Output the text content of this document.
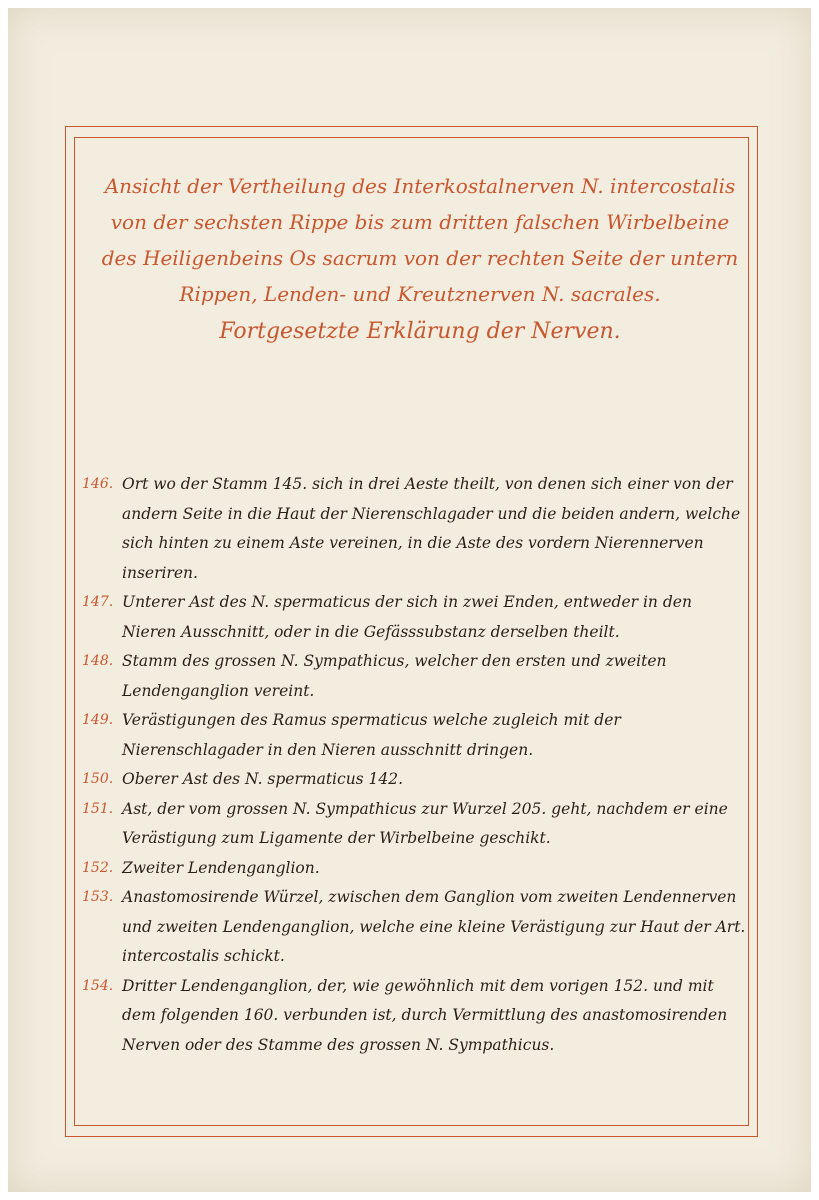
Ansicht der Vertheilung des Interkostalnerven N. intercostalis von der sechsten Rippe bis zum dritten falschen Wirbelbeine des Heiligenbeins Os sacrum von der rechten Seite der untern Rippen, Lenden- und Kreutznerven N. sacrales.
Fortgesetzte Erklärung der Nerven.
146. Ort wo der Stamm 145. sich in drei Aeste theilt, von denen sich einer von der andern Seite in die Haut der Nierenschlagader und die beiden andern, welche sich hinten zu einem Aste vereinen, in die Aste des vordern Nierennerven inseriren.
147. Unterer Ast des N. spermaticus der sich in zwei Enden, entweder in den Nieren Ausschnitt, oder in die Gefässsubstanz derselben theilt.
148. Stamm des grossen N. Sympathicus, welcher den ersten und zweiten Lendenganglion vereint.
149. Verästigungen des Ramus spermaticus welche zugleich mit der Nierenschlagader in den Nieren ausschnitt dringen.
150. Oberer Ast des N. spermaticus 142.
151. Ast, der vom grossen N. Sympathicus zur Wurzel 205. geht, nachdem er eine Verästigung zum Ligamente der Wirbelbeine geschikt.
152. Zweiter Lendenganglion.
153. Anastomosirende Würzel, zwischen dem Ganglion vom zweiten Lendennerven und zweiten Lendenganglion, welche eine kleine Verästigung zur Haut der Art. intercostalis schickt.
154. Dritter Lendenganglion, der, wie gewöhnlich mit dem vorigen 152. und mit dem folgenden 160. verbunden ist, durch Vermittlung des anastomosirenden Nerven oder des Stamme des grossen N. Sympathicus.
